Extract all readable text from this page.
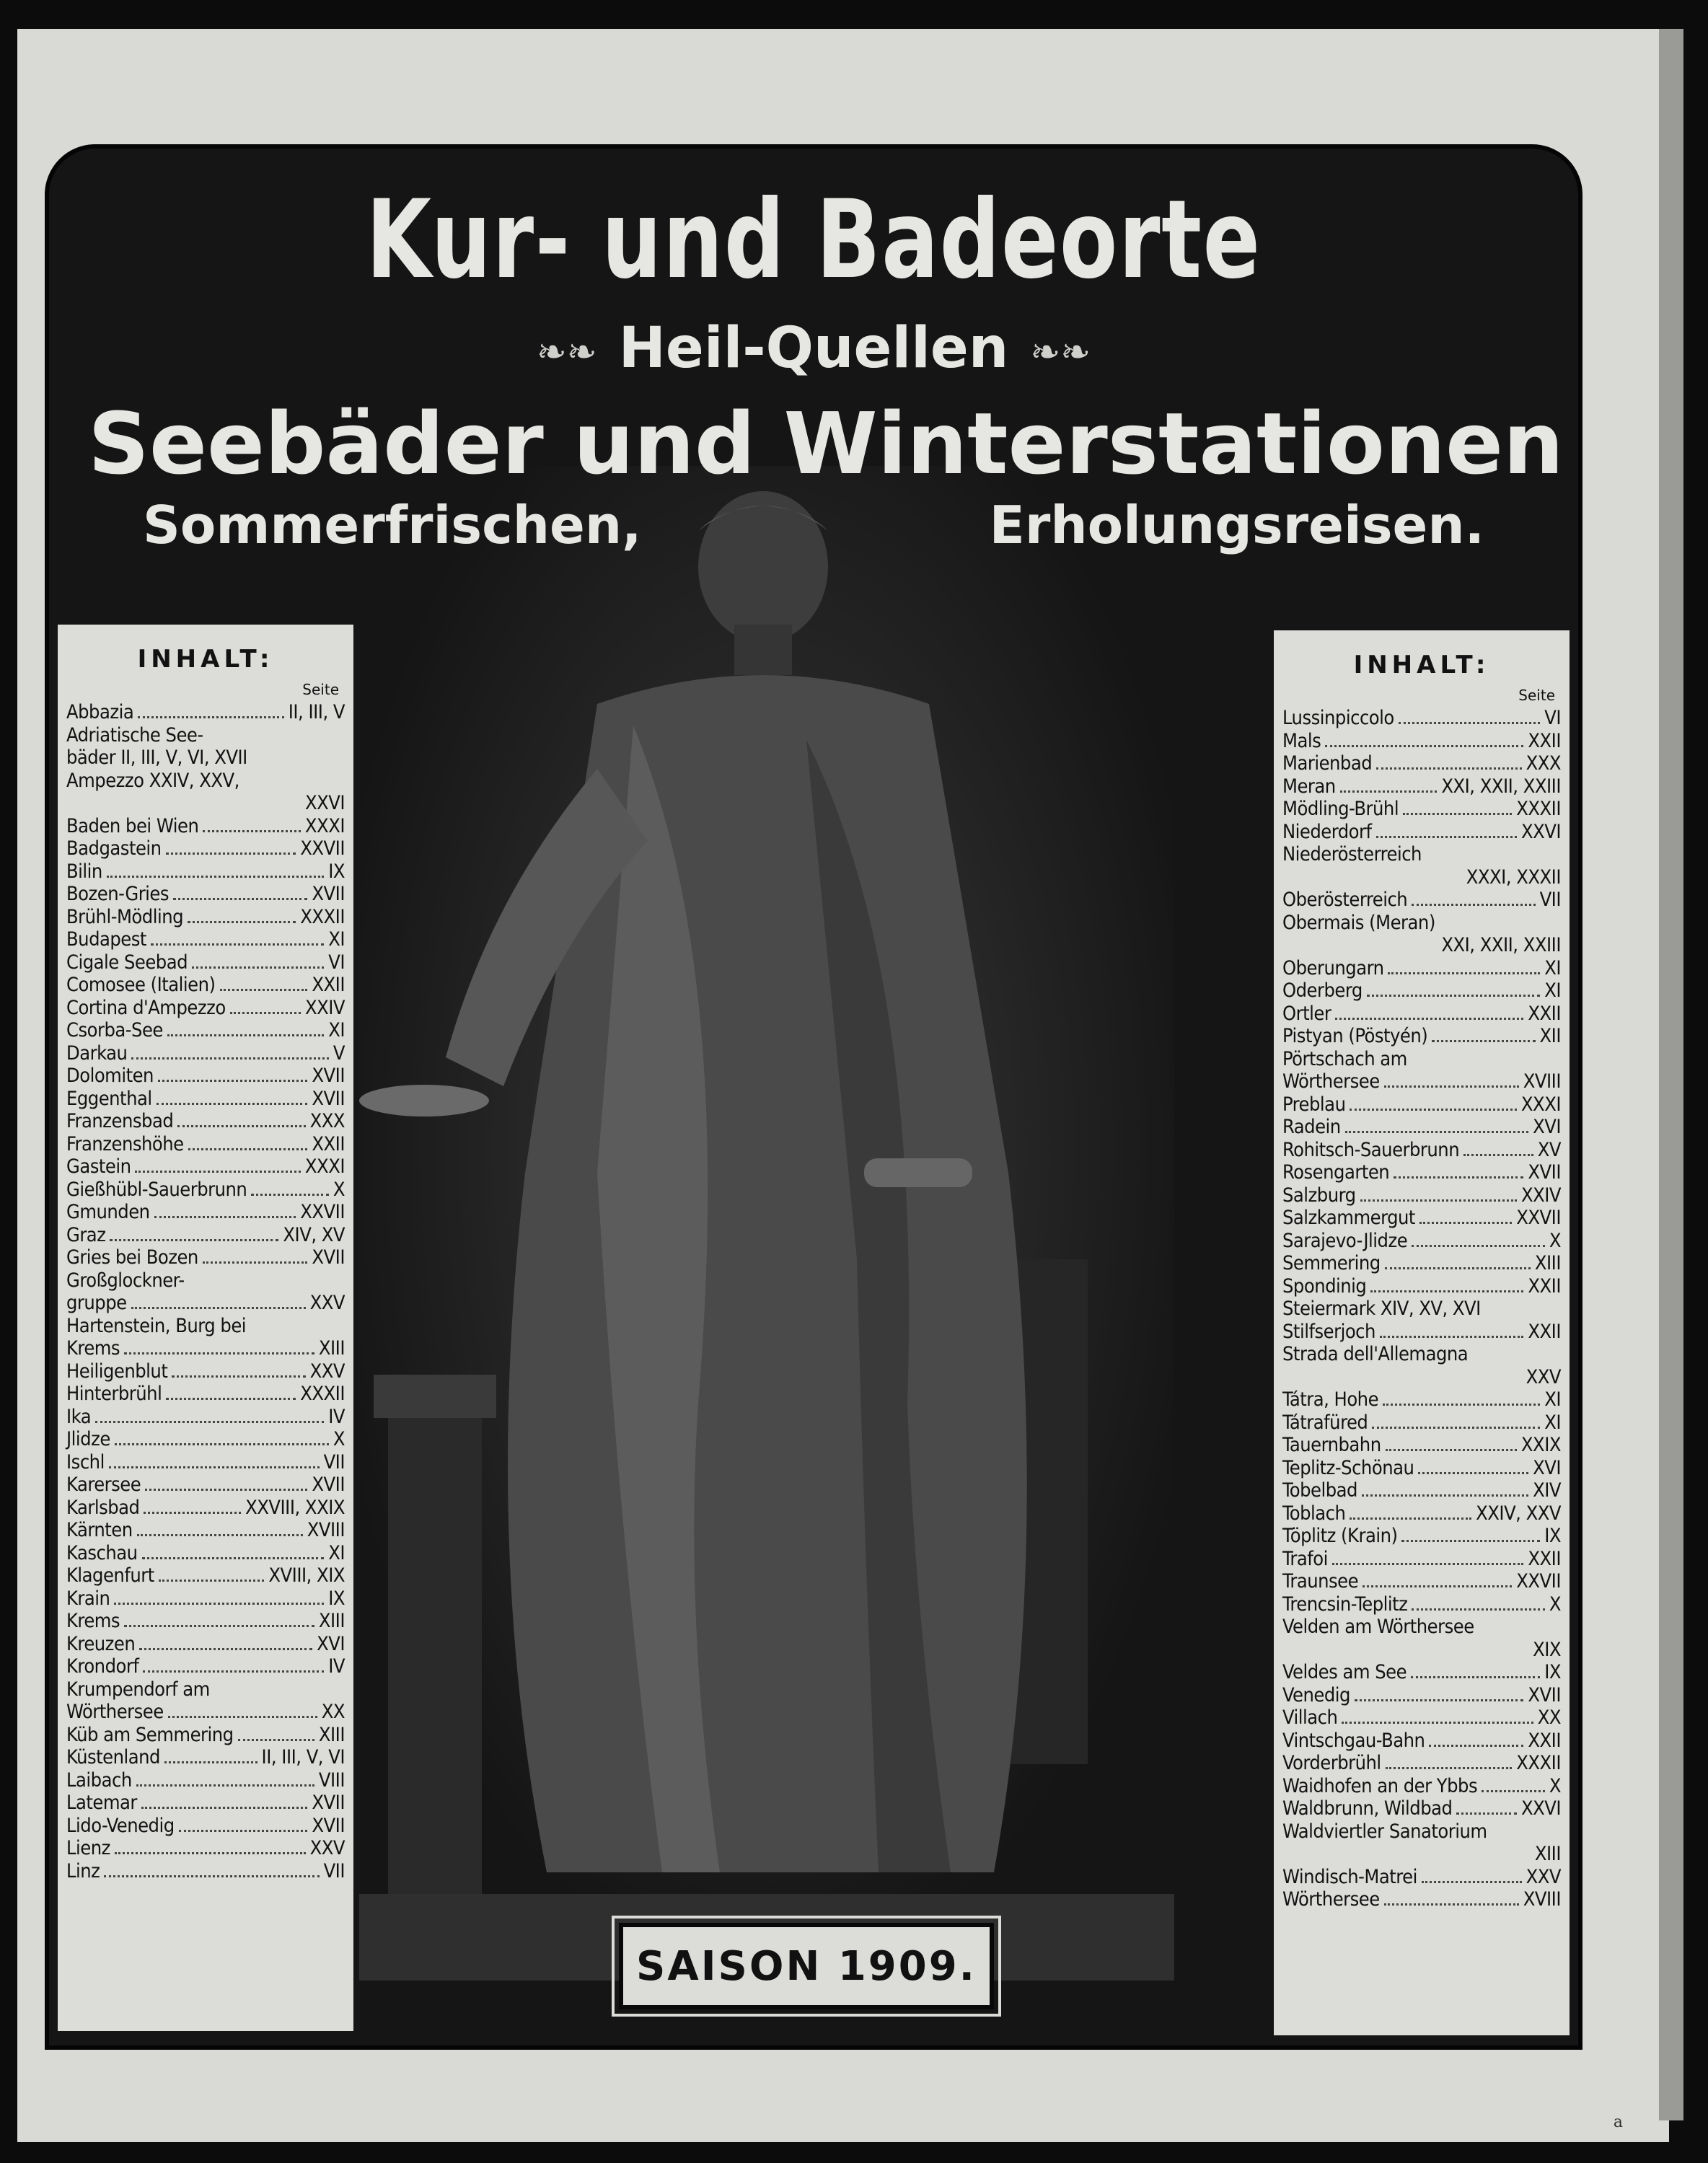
Kur- und Badeorte
❧❧ Heil-Quellen ❧❧
Seebäder und Winterstationen
Sommerfrischen,	Erholungsreisen.
INHALT:
Seite
Abbazia	II, III, V
Adriatische See-
bäder II, III, V, VI, XVII
Ampezzo XXIV, XXV,
XXVI
Baden bei Wien	XXXI
Badgastein	XXVII
Bilin	IX
Bozen-Gries	XVII
Brühl-Mödling	XXXII
Budapest	XI
Cigale Seebad	VI
Comosee (Italien)	XXII
Cortina d'Ampezzo	XXIV
Csorba-See	XI
Darkau	V
Dolomiten	XVII
Eggenthal	XVII
Franzensbad	XXX
Franzenshöhe	XXII
Gastein	XXXI
Gießhübl-Sauerbrunn	X
Gmunden	XXVII
Graz	XIV, XV
Gries bei Bozen	XVII
Großglockner-
gruppe	XXV
Hartenstein, Burg bei
Krems	XIII
Heiligenblut	XXV
Hinterbrühl	XXXII
Ika	IV
Jlidze	X
Ischl	VII
Karersee	XVII
Karlsbad	XXVIII, XXIX
Kärnten	XVIII
Kaschau	XI
Klagenfurt	XVIII, XIX
Krain	IX
Krems	XIII
Kreuzen	XVI
Krondorf	IV
Krumpendorf am
Wörthersee	XX
Küb am Semmering	XIII
Küstenland	II, III, V, VI
Laibach	VIII
Latemar	XVII
Lido-Venedig	XVII
Lienz	XXV
Linz	VII
INHALT:
Seite
Lussinpiccolo	VI
Mals	XXII
Marienbad	XXX
Meran	XXI, XXII, XXIII
Mödling-Brühl	XXXII
Niederdorf	XXVI
Niederösterreich
XXXI, XXXII
Oberösterreich	VII
Obermais (Meran)
XXI, XXII, XXIII
Oberungarn	XI
Oderberg	XI
Ortler	XXII
Pistyan (Pöstyén)	XII
Pörtschach am
Wörthersee	XVIII
Preblau	XXXI
Radein	XVI
Rohitsch-Sauerbrunn	XV
Rosengarten	XVII
Salzburg	XXIV
Salzkammergut	XXVII
Sarajevo-Jlidze	X
Semmering	XIII
Spondinig	XXII
Steiermark XIV, XV, XVI
Stilfserjoch	XXII
Strada dell'Allemagna
XXV
Tátra, Hohe	XI
Tátrafüred	XI
Tauernbahn	XXIX
Teplitz-Schönau	XVI
Tobelbad	XIV
Toblach	XXIV, XXV
Töplitz (Krain)	IX
Trafoi	XXII
Traunsee	XXVII
Trencsin-Teplitz	X
Velden am Wörthersee
XIX
Veldes am See	IX
Venedig	XVII
Villach	XX
Vintschgau-Bahn	XXII
Vorderbrühl	XXXII
Waidhofen an der Ybbs	X
Waldbrunn, Wildbad	XXVI
Waldviertler Sanatorium
XIII
Windisch-Matrei	XXV
Wörthersee	XVIII
SAISON 1909.
a
